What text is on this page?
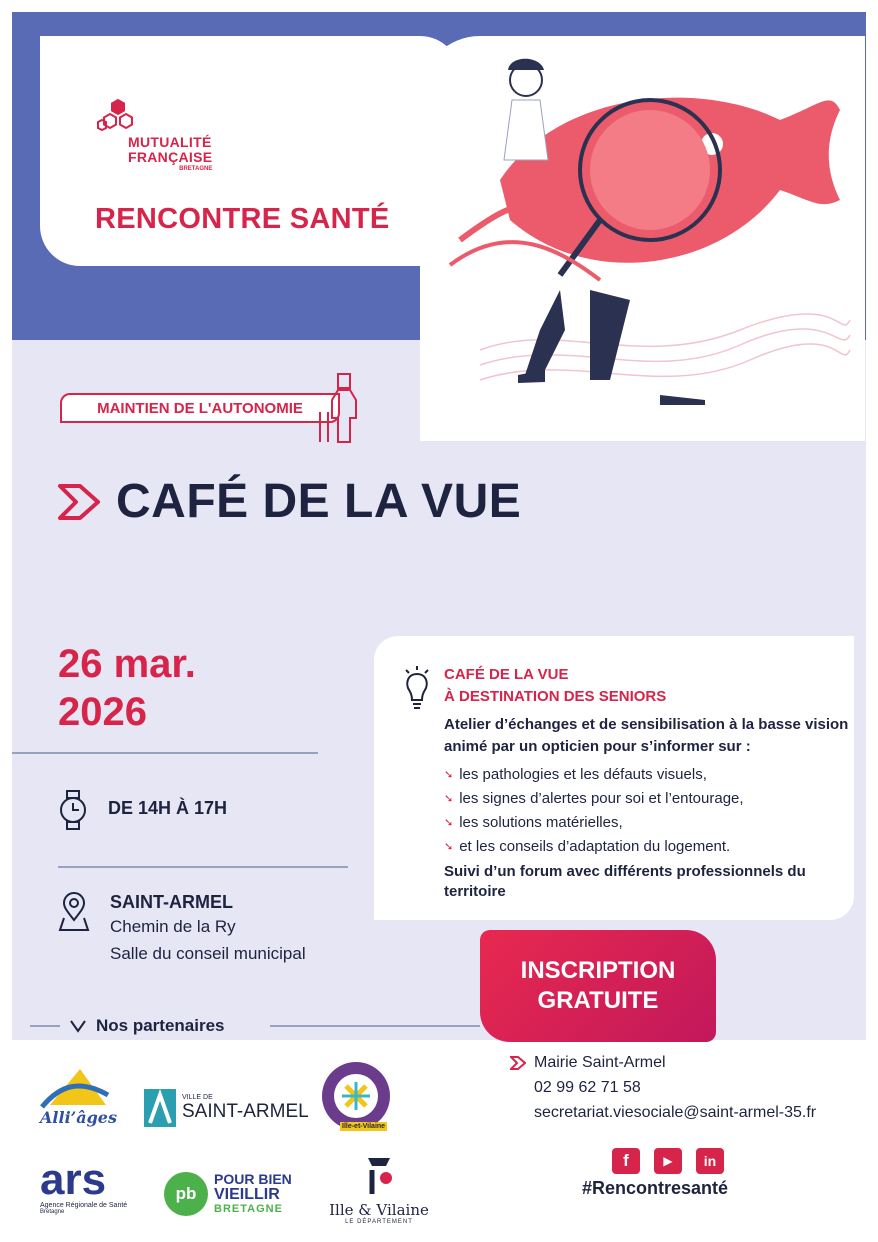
MUTUALITÉ
FRANÇAISE
BRETAGNE
RENCONTRE SANTÉ
MAINTIEN DE L'AUTONOMIE
CAFÉ DE LA VUE
26 mar.
2026
DE 14H À 17H
SAINT-ARMEL
Chemin de la Ry
Salle du conseil municipal
CAFÉ DE LA VUE
À DESTINATION DES SENIORS
Atelier d’échanges et de sensibilisation à la basse vision animé par un opticien pour s’informer sur :
➘ les pathologies et les défauts visuels,
➘ les signes d’alertes pour soi et l’entourage,
➘ les solutions matérielles,
➘ et les conseils d’adaptation du logement.
Suivi d’un forum avec différents professionnels du territoire
INSCRIPTION
GRATUITE
Mairie Saint-Armel
02 99 62 71 58
secretariat.viesociale@saint-armel-35.fr
f	▶	in
#Rencontresanté
Nos partenaires
Alli’âges
VILLE DE
SAINT-ARMEL
Ille-et-Vilaine
ars
Agence Régionale de Santé
Bretagne
pb
POUR BIEN
VIEILLIR
BRETAGNE	Ille & Vilaine
LE DÉPARTEMENT
